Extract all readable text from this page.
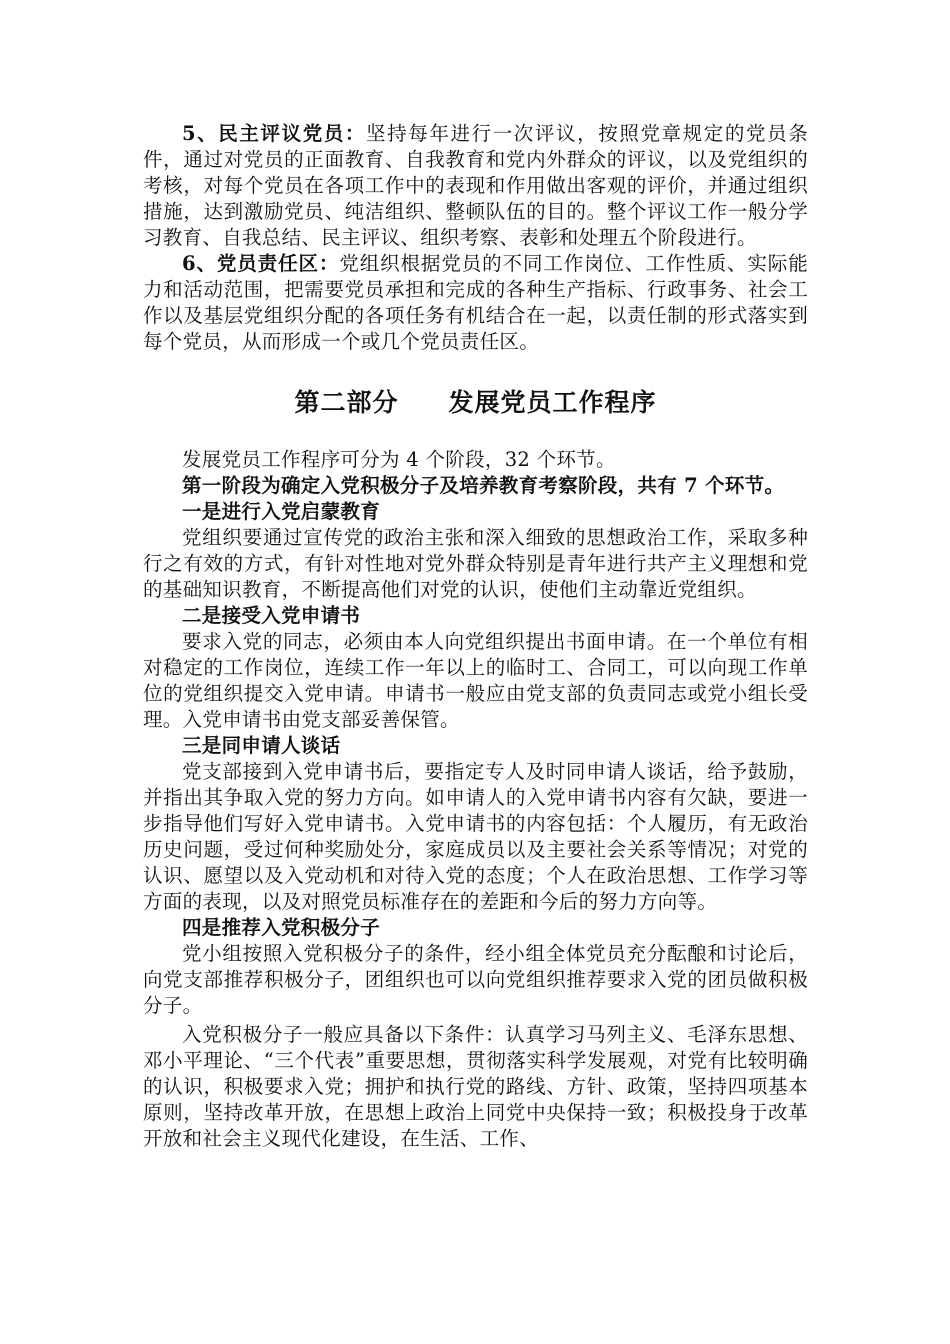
5、民主评议党员：坚持每年进行一次评议，按照党章规定的党员条件，通过对党员的正面教育、自我教育和党内外群众的评议，以及党组织的考核，对每个党员在各项工作中的表现和作用做出客观的评价，并通过组织措施，达到激励党员、纯洁组织、整顿队伍的目的。整个评议工作一般分学习教育、自我总结、民主评议、组织考察、表彰和处理五个阶段进行。

6、党员责任区：党组织根据党员的不同工作岗位、工作性质、实际能力和活动范围，把需要党员承担和完成的各种生产指标、行政事务、社会工作以及基层党组织分配的各项任务有机结合在一起，以责任制的形式落实到每个党员，从而形成一个或几个党员责任区。

第二部分 发展党员工作程序

发展党员工作程序可分为 4 个阶段，32 个环节。

第一阶段为确定入党积极分子及培养教育考察阶段，共有 7 个环节。

一是进行入党启蒙教育

党组织要通过宣传党的政治主张和深入细致的思想政治工作，采取多种行之有效的方式，有针对性地对党外群众特别是青年进行共产主义理想和党的基础知识教育，不断提高他们对党的认识，使他们主动靠近党组织。

二是接受入党申请书

要求入党的同志，必须由本人向党组织提出书面申请。在一个单位有相对稳定的工作岗位，连续工作一年以上的临时工、合同工，可以向现工作单位的党组织提交入党申请。申请书一般应由党支部的负责同志或党小组长受理。入党申请书由党支部妥善保管。

三是同申请人谈话

党支部接到入党申请书后，要指定专人及时同申请人谈话，给予鼓励，并指出其争取入党的努力方向。如申请人的入党申请书内容有欠缺，要进一步指导他们写好入党申请书。入党申请书的内容包括：个人履历，有无政治历史问题，受过何种奖励处分，家庭成员以及主要社会关系等情况；对党的认识、愿望以及入党动机和对待入党的态度；个人在政治思想、工作学习等方面的表现，以及对照党员标准存在的差距和今后的努力方向等。

四是推荐入党积极分子

党小组按照入党积极分子的条件，经小组全体党员充分酝酿和讨论后，向党支部推荐积极分子，团组织也可以向党组织推荐要求入党的团员做积极分子。

入党积极分子一般应具备以下条件：认真学习马列主义、毛泽东思想、邓小平理论、“三个代表”重要思想，贯彻落实科学发展观，对党有比较明确的认识，积极要求入党；拥护和执行党的路线、方针、政策，坚持四项基本原则，坚持改革开放，在思想上政治上同党中央保持一致；积极投身于改革开放和社会主义现代化建设，在生活、工作、
